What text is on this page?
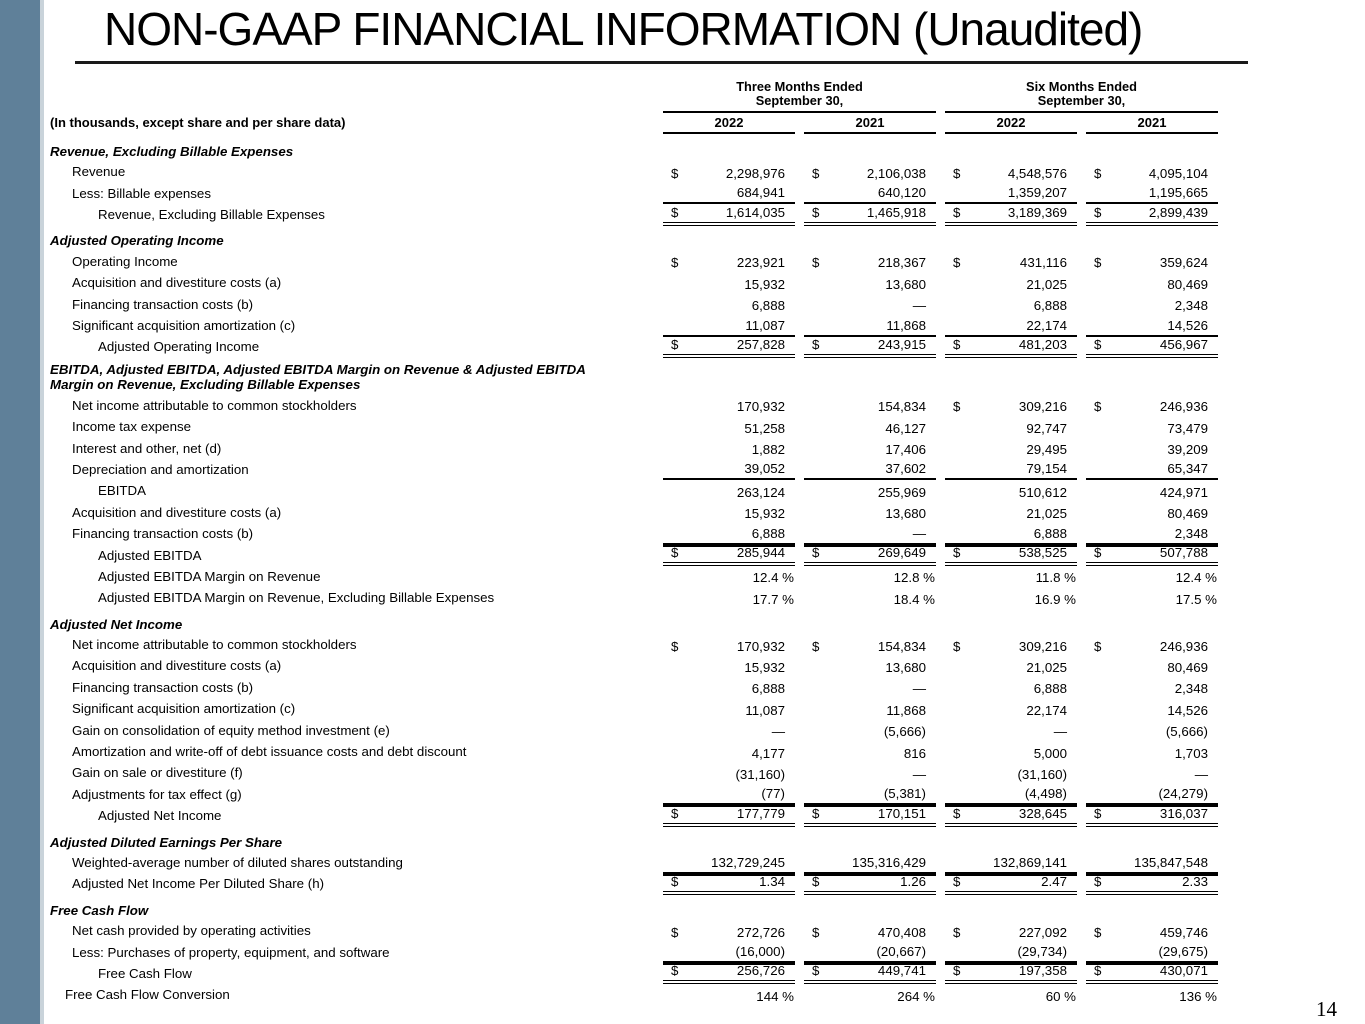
NON-GAAP FINANCIAL INFORMATION (Unaudited)
Three Months Ended
September 30,
Six Months Ended
September 30,
(In thousands, except share and per share data)	2022	2021	2022	2021
Revenue, Excluding Billable Expenses
Revenue	$	2,298,976	$	2,106,038	$	4,548,576	$	4,095,104
Less: Billable expenses	684,941	640,120	1,359,207	1,195,665
Revenue, Excluding Billable Expenses	$	1,614,035	$	1,465,918	$	3,189,369	$	2,899,439
Adjusted Operating Income
Operating Income	$	223,921	$	218,367	$	431,116	$	359,624
Acquisition and divestiture costs (a)	15,932	13,680	21,025	80,469
Financing transaction costs (b)	6,888	—	6,888	2,348
Significant acquisition amortization (c)	11,087	11,868	22,174	14,526
Adjusted Operating Income	$	257,828	$	243,915	$	481,203	$	456,967
EBITDA, Adjusted EBITDA, Adjusted EBITDA Margin on Revenue & Adjusted EBITDA Margin on Revenue, Excluding Billable Expenses
Net income attributable to common stockholders	170,932	154,834	$	309,216	$	246,936
Income tax expense	51,258	46,127	92,747	73,479
Interest and other, net (d)	1,882	17,406	29,495	39,209
Depreciation and amortization	39,052	37,602	79,154	65,347
EBITDA	263,124	255,969	510,612	424,971
Acquisition and divestiture costs (a)	15,932	13,680	21,025	80,469
Financing transaction costs (b)	6,888	—	6,888	2,348
Adjusted EBITDA	$	285,944	$	269,649	$	538,525	$	507,788
Adjusted EBITDA Margin on Revenue	12.4 %	12.8 %	11.8 %	12.4 %
Adjusted EBITDA Margin on Revenue, Excluding Billable Expenses	17.7 %	18.4 %	16.9 %	17.5 %
Adjusted Net Income
Net income attributable to common stockholders	$	170,932	$	154,834	$	309,216	$	246,936
Acquisition and divestiture costs (a)	15,932	13,680	21,025	80,469
Financing transaction costs (b)	6,888	—	6,888	2,348
Significant acquisition amortization (c)	11,087	11,868	22,174	14,526
Gain on consolidation of equity method investment (e)	—	(5,666)	—	(5,666)
Amortization and write-off of debt issuance costs and debt discount	4,177	816	5,000	1,703
Gain on sale or divestiture (f)	(31,160)	—	(31,160)	—
Adjustments for tax effect (g)	(77)	(5,381)	(4,498)	(24,279)
Adjusted Net Income	$	177,779	$	170,151	$	328,645	$	316,037
Adjusted Diluted Earnings Per Share
Weighted-average number of diluted shares outstanding	132,729,245	135,316,429	132,869,141	135,847,548
Adjusted Net Income Per Diluted Share (h)	$	1.34	$	1.26	$	2.47	$	2.33
Free Cash Flow
Net cash provided by operating activities	$	272,726	$	470,408	$	227,092	$	459,746
Less: Purchases of property, equipment, and software	(16,000)	(20,667)	(29,734)	(29,675)
Free Cash Flow	$	256,726	$	449,741	$	197,358	$	430,071
Free Cash Flow Conversion	144 %	264 %	60 %	136 %
14
